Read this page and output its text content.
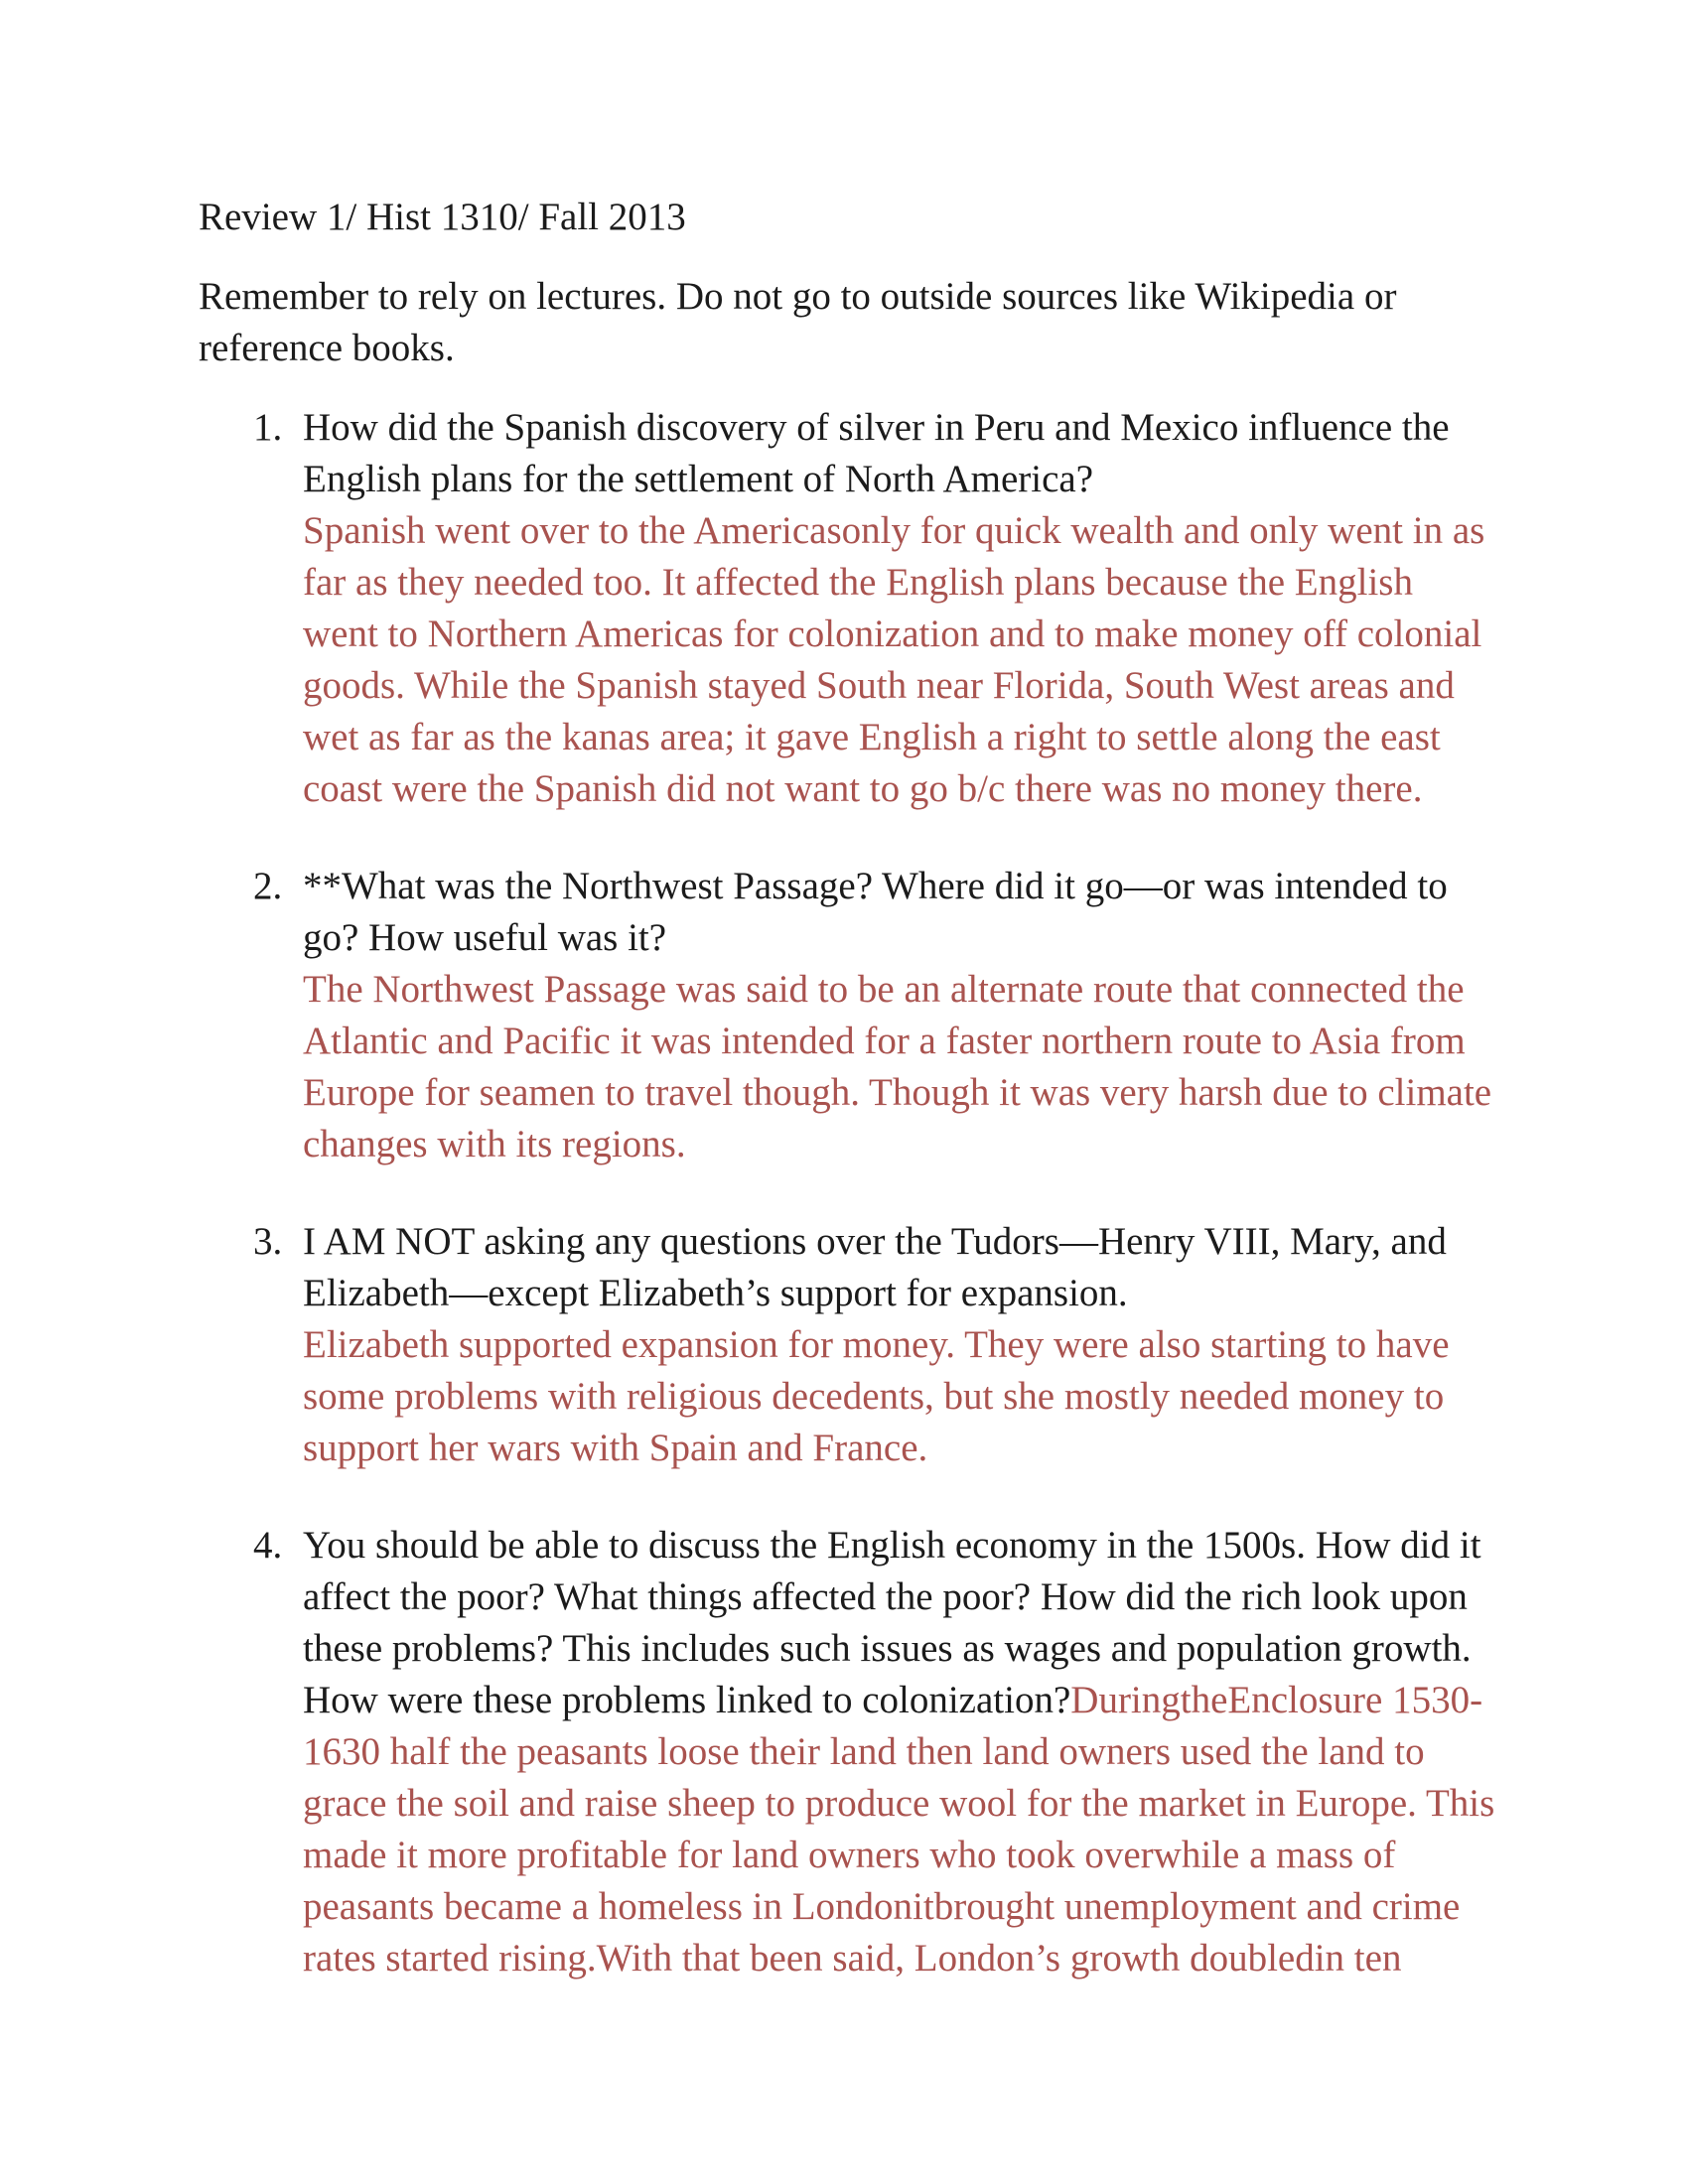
Review 1/ Hist 1310/ Fall 2013
Remember to rely on lectures. Do not go to outside sources like Wikipedia or
reference books.
1. How did the Spanish discovery of silver in Peru and Mexico influence the
English plans for the settlement of North America?
Spanish went over to the Americasonly for quick wealth and only went in as
far as they needed too. It affected the English plans because the English
went to Northern Americas for colonization and to make money off colonial
goods. While the Spanish stayed South near Florida, South West areas and
wet as far as the kanas area; it gave English a right to settle along the east
coast were the Spanish did not want to go b/c there was no money there.
2. **What was the Northwest Passage? Where did it go—or was intended to
go? How useful was it?
The Northwest Passage was said to be an alternate route that connected the
Atlantic and Pacific it was intended for a faster northern route to Asia from
Europe for seamen to travel though. Though it was very harsh due to climate
changes with its regions.
3. I AM NOT asking any questions over the Tudors—Henry VIII, Mary, and
Elizabeth—except Elizabeth’s support for expansion.
Elizabeth supported expansion for money. They were also starting to have
some problems with religious decedents, but she mostly needed money to
support her wars with Spain and France.
4. You should be able to discuss the English economy in the 1500s. How did it
affect the poor? What things affected the poor? How did the rich look upon
these problems? This includes such issues as wages and population growth.
How were these problems linked to colonization?DuringtheEnclosure 1530-
1630 half the peasants loose their land then land owners used the land to
grace the soil and raise sheep to produce wool for the market in Europe. This
made it more profitable for land owners who took overwhile a mass of
peasants became a homeless in Londonitbrought unemployment and crime
rates started rising.With that been said, London’s growth doubledin ten
